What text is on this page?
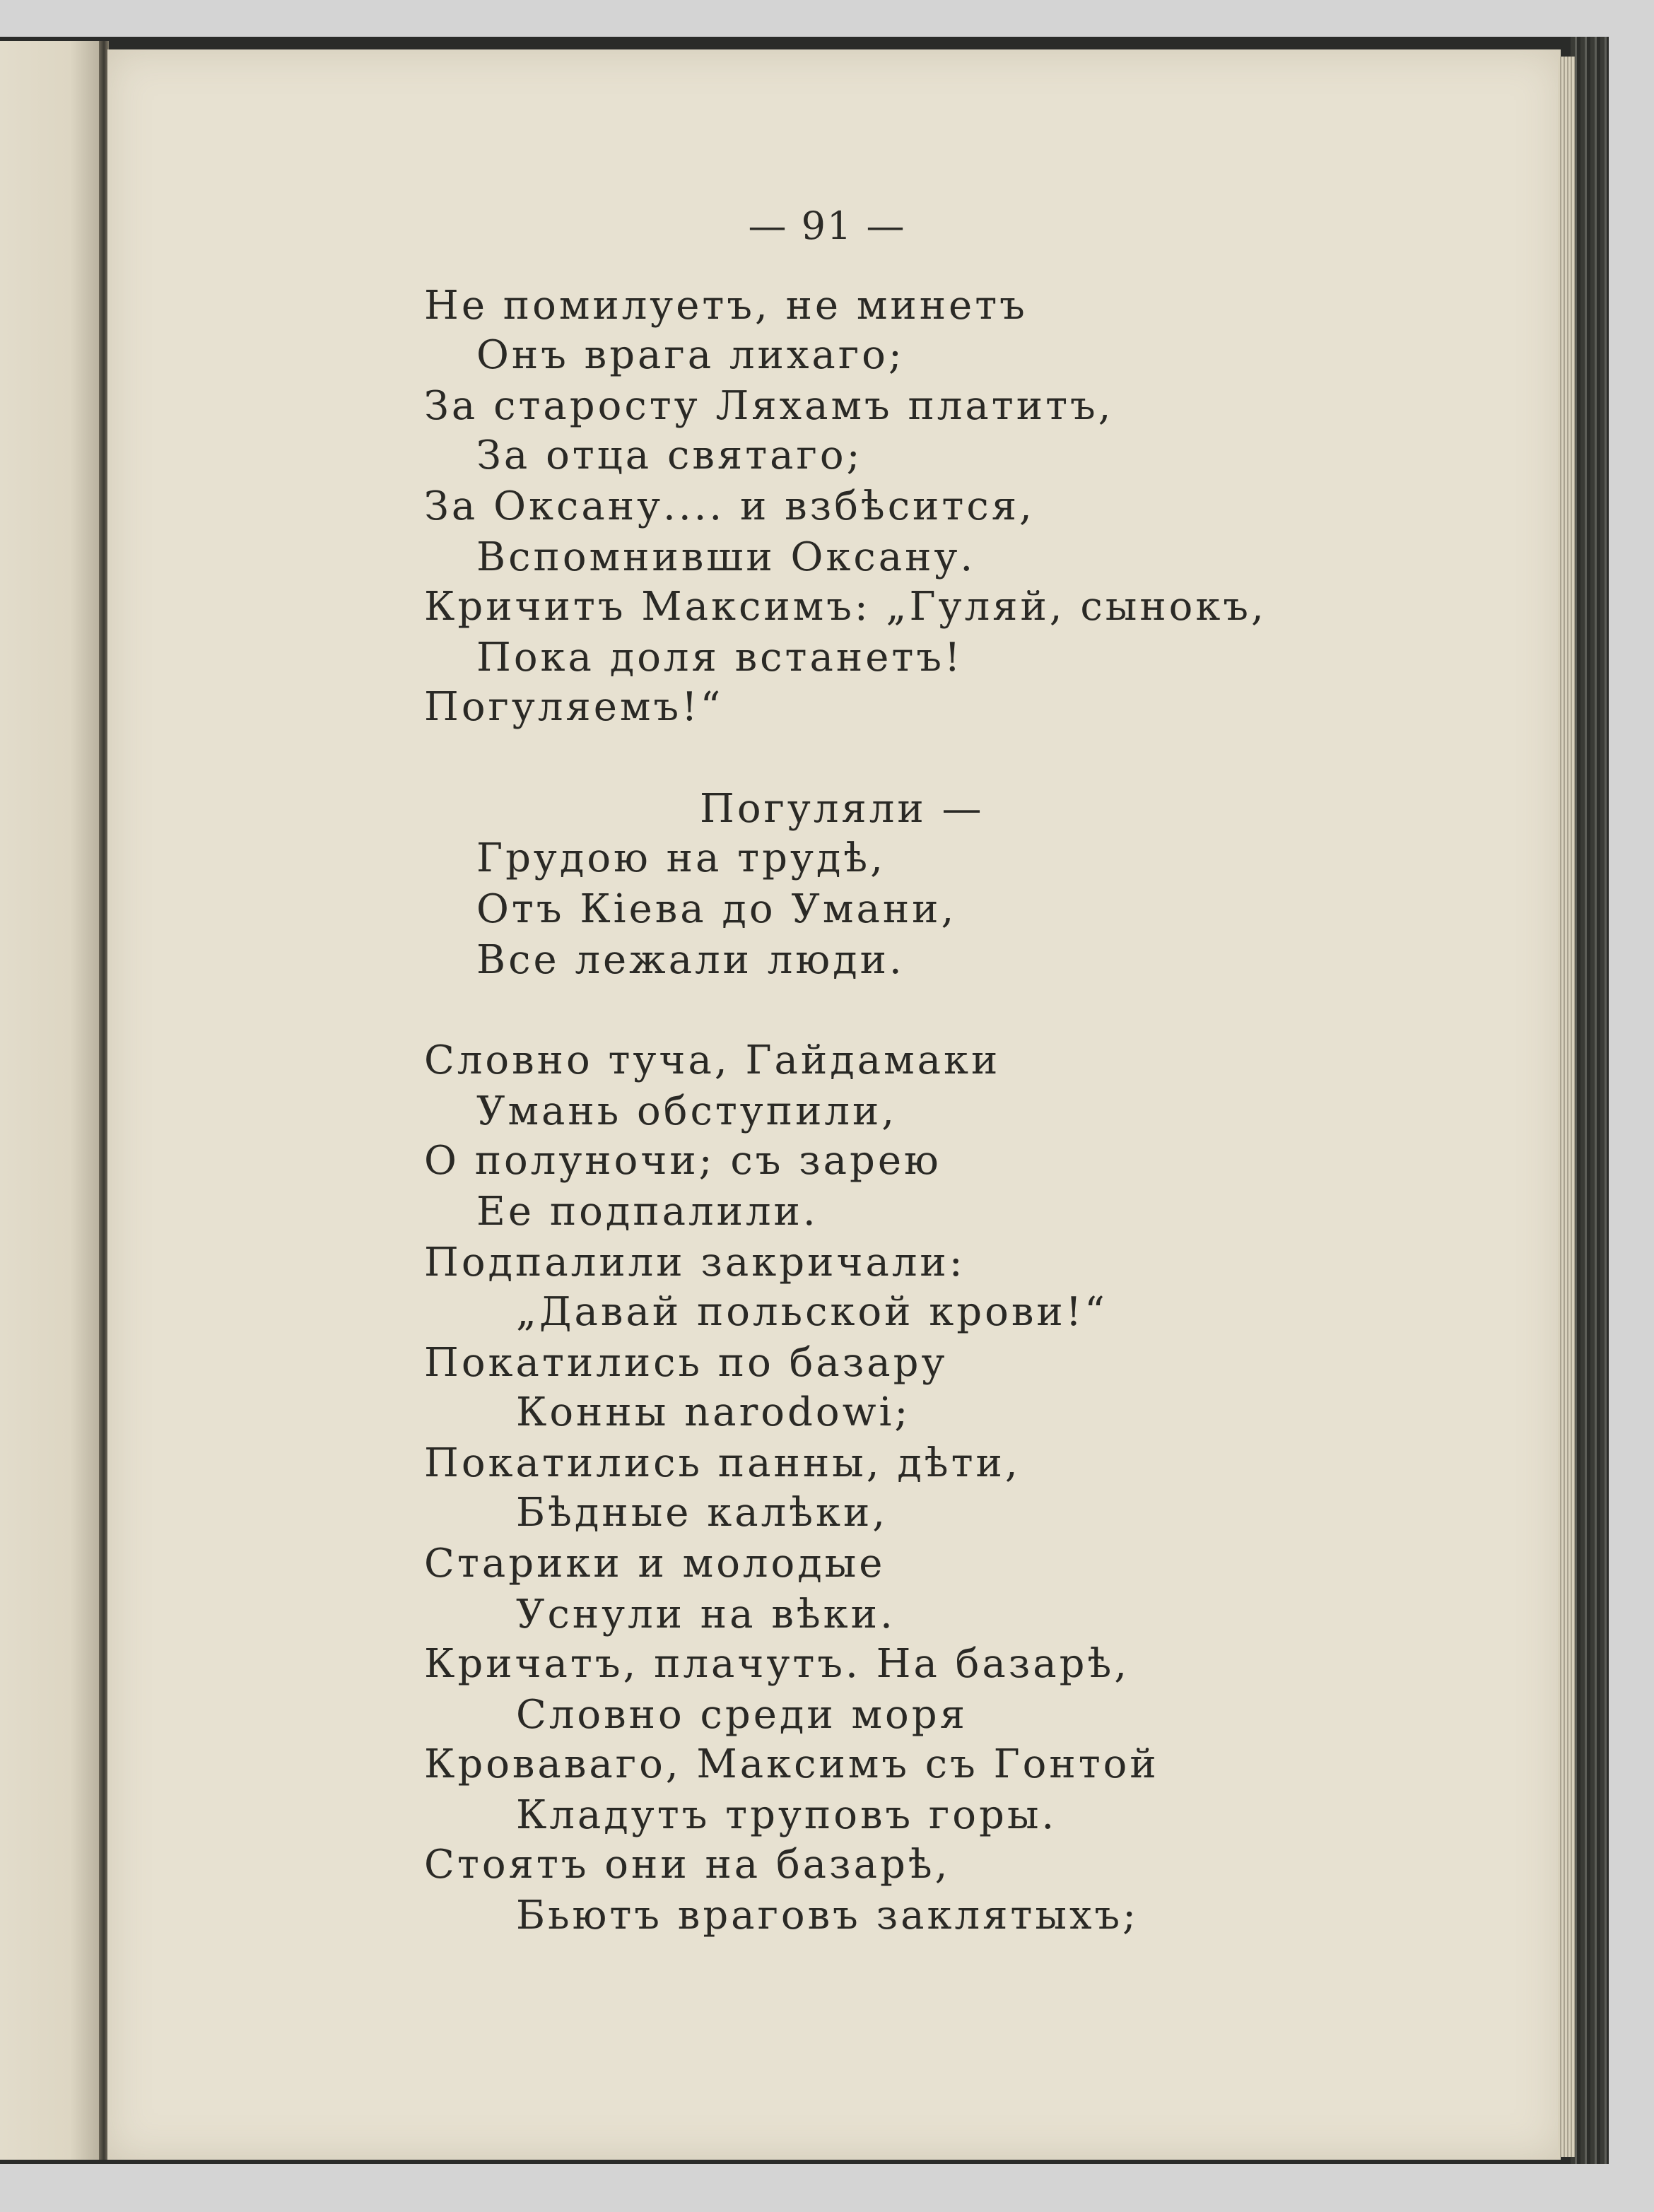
— 91 —
Не помилуетъ, не минетъ
Онъ врага лихаго;
За старосту Ляхамъ платитъ,
За отца святаго;
За Оксану.... и взбѣсится,
Вспомнивши Оксану.
Кричитъ Максимъ: „Гуляй, сынокъ,
Пока доля встанетъ!
Погуляемъ!“
Погуляли —
Грудою на трудѣ,
Отъ Кіева до Умани,
Все лежали люди.
Словно туча, Гайдамаки
Умань обступили,
О полуночи; съ зарею
Ее подпалили.
Подпалили закричали:
„Давай польской крови!“
Покатились по базару
Конны narodowi;
Покатились панны, дѣти,
Бѣдные калѣки,
Старики и молодые
Уснули на вѣки.
Кричатъ, плачутъ. На базарѣ,
Словно среди моря
Кроваваго, Максимъ съ Гонтой
Кладутъ труповъ горы.
Стоятъ они на базарѣ,
Бьютъ враговъ заклятыхъ;
